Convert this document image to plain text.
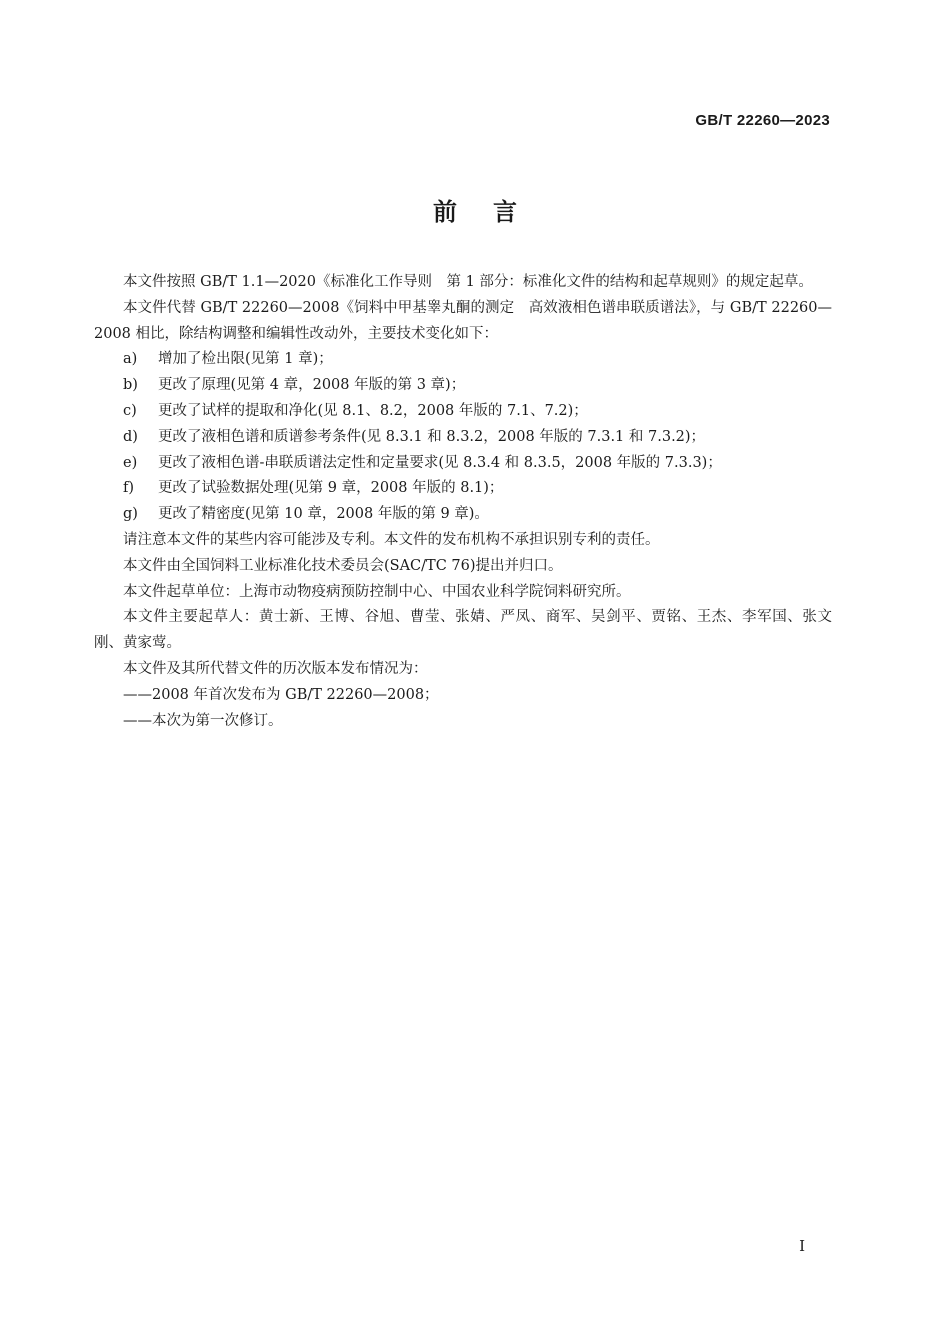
GB/T 22260—2023
前言

本文件按照 GB/T 1.1—2020《标准化工作导则　第 1 部分：标准化文件的结构和起草规则》的规定起草。

本文件代替 GB/T 22260—2008《饲料中甲基睾丸酮的测定　高效液相色谱串联质谱法》，与 GB/T 22260—2008 相比，除结构调整和编辑性改动外，主要技术变化如下：

a) 增加了检出限(见第 1 章)；

b) 更改了原理(见第 4 章，2008 年版的第 3 章)；

c) 更改了试样的提取和净化(见 8.1、8.2，2008 年版的 7.1、7.2)；

d) 更改了液相色谱和质谱参考条件(见 8.3.1 和 8.3.2，2008 年版的 7.3.1 和 7.3.2)；

e) 更改了液相色谱-串联质谱法定性和定量要求(见 8.3.4 和 8.3.5，2008 年版的 7.3.3)；

f) 更改了试验数据处理(见第 9 章，2008 年版的 8.1)；

g) 更改了精密度(见第 10 章，2008 年版的第 9 章)。

请注意本文件的某些内容可能涉及专利。本文件的发布机构不承担识别专利的责任。

本文件由全国饲料工业标准化技术委员会(SAC/TC 76)提出并归口。

本文件起草单位：上海市动物疫病预防控制中心、中国农业科学院饲料研究所。

本文件主要起草人：黄士新、王博、谷旭、曹莹、张婧、严凤、商军、吴剑平、贾铭、王杰、李军国、张文刚、黄家莺。

本文件及其所代替文件的历次版本发布情况为：

——2008 年首次发布为 GB/T 22260—2008；

——本次为第一次修订。

I
